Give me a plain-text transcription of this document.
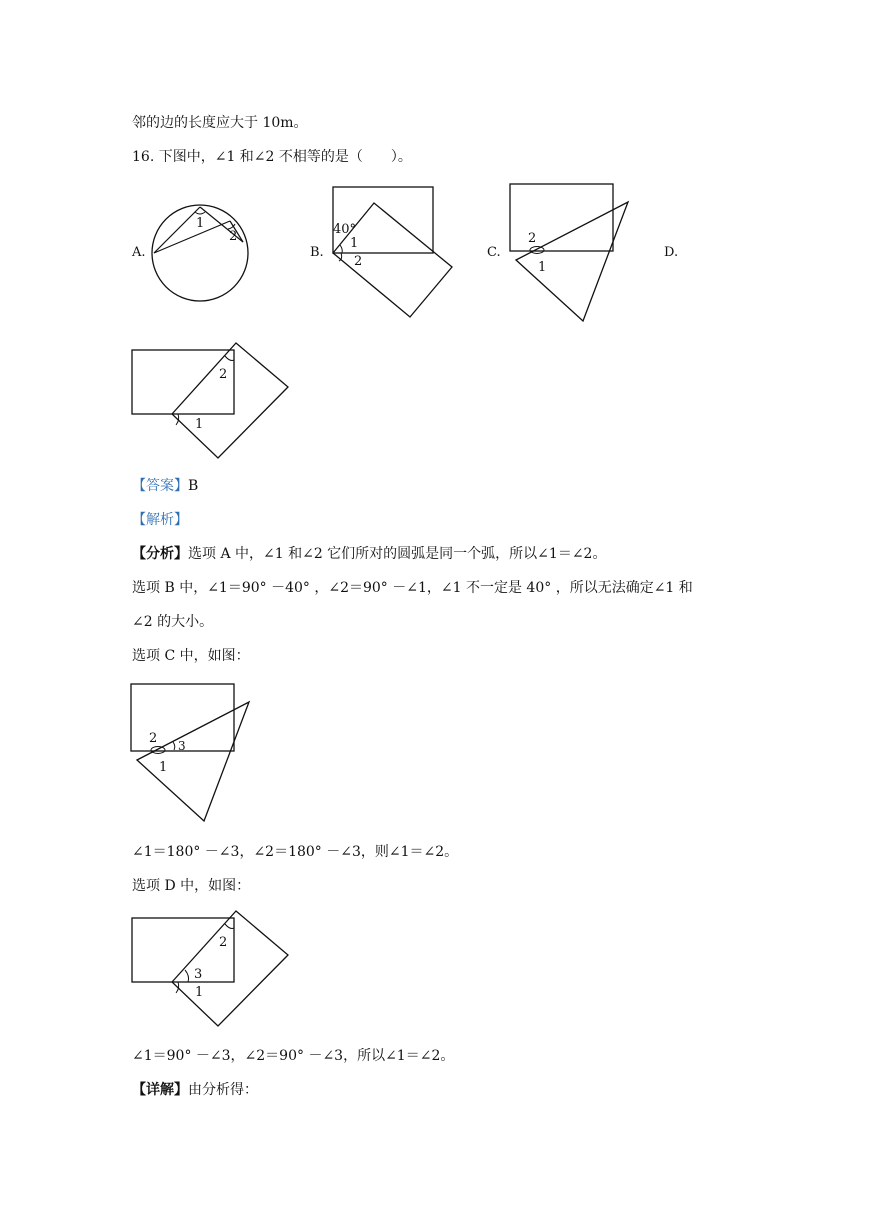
邻的边的长度应大于 10m。
16. 下图中，∠1 和∠2 不相等的是（　　）。
A.
1
2
B.
40°
1
2
C.
2
1
D.
2
1
【答案】B
【解析】
【分析】选项 A 中，∠1 和∠2 它们所对的圆弧是同一个弧，所以∠1＝∠2。
选项 B 中，∠1＝90° －40° ，∠2＝90° －∠1，∠1 不一定是 40° ，所以无法确定∠1 和
∠2 的大小。
选项 C 中，如图：
2 3
1
∠1＝180° －∠3，∠2＝180° －∠3，则∠1＝∠2。
选项 D 中，如图：
2
3
1
∠1＝90° －∠3，∠2＝90° －∠3，所以∠1＝∠2。
【详解】由分析得：
